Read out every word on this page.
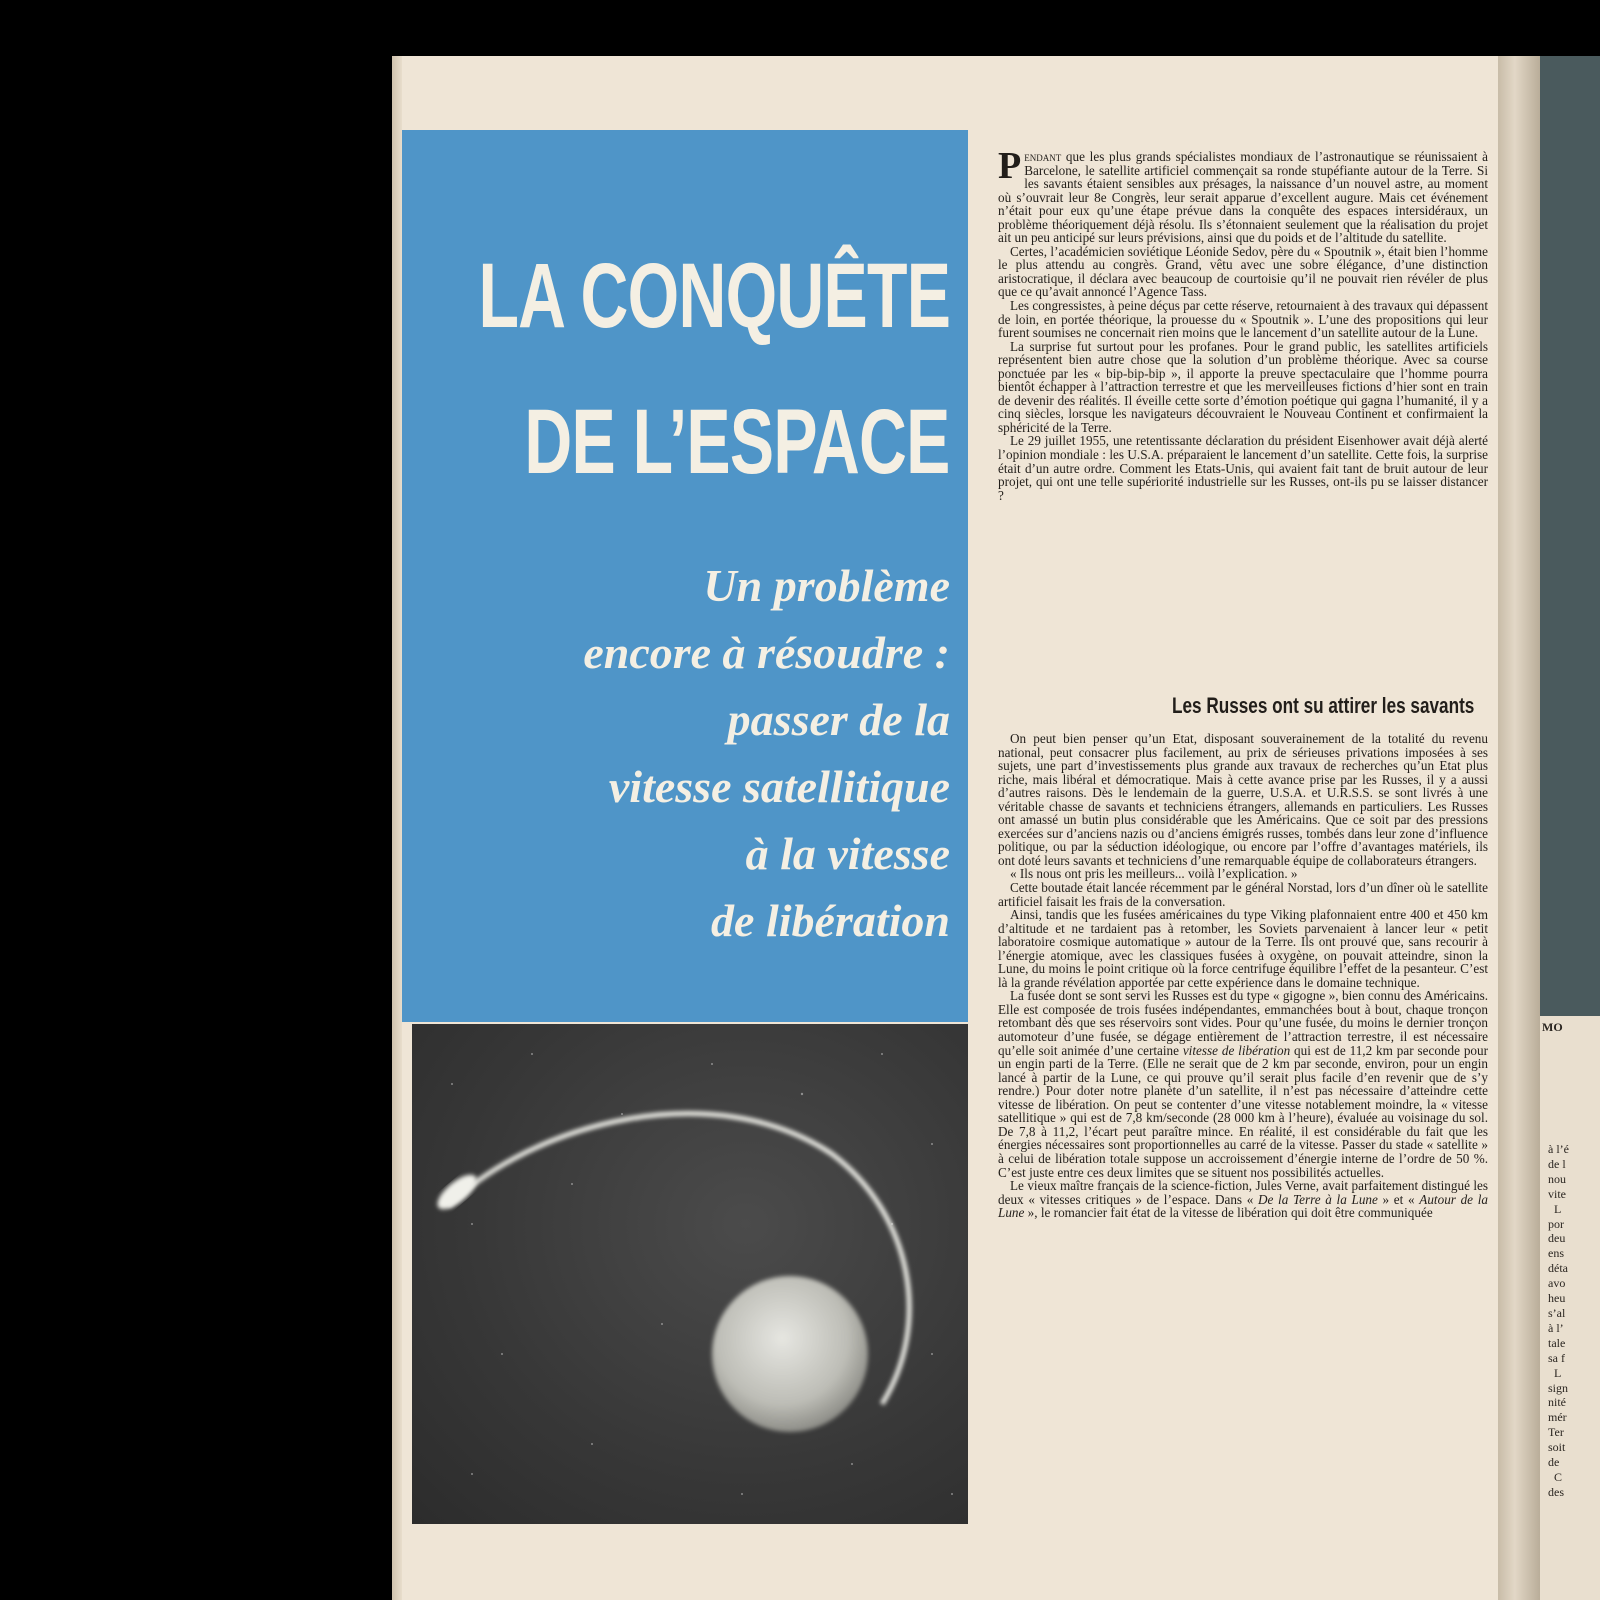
MO
à l’é
de l
nou
vite
L
por
deu
ens
déta
avo
heu
s’al
à l’
tale
sa f
L
sign
nité
mér
Ter
soit
de
C
des
LA CONQUÊTE
DE L’ESPACE
Un problème
encore à résoudre :
passer de la
vitesse satellitique
à la vitesse
de libération

Pendant que les plus grands spécialistes mondiaux de l’astronautique se réunissaient à Barcelone, le satellite artificiel commençait sa ronde stupéfiante autour de la Terre. Si les savants étaient sensibles aux présages, la naissance d’un nouvel astre, au moment où s’ouvrait leur 8e Congrès, leur serait apparue d’excellent augure. Mais cet événement n’était pour eux qu’une étape prévue dans la conquête des espaces intersidéraux, un problème théoriquement déjà résolu. Ils s’étonnaient seulement que la réalisation du projet ait un peu anticipé sur leurs prévisions, ainsi que du poids et de l’altitude du satellite.

Certes, l’académicien soviétique Léonide Sedov, père du « Spoutnik », était bien l’homme le plus attendu au congrès. Grand, vêtu avec une sobre élégance, d’une distinction aristocratique, il déclara avec beaucoup de courtoisie qu’il ne pouvait rien révéler de plus que ce qu’avait annoncé l’Agence Tass.

Les congressistes, à peine déçus par cette réserve, retournaient à des travaux qui dépassent de loin, en portée théorique, la prouesse du « Spoutnik ». L’une des propositions qui leur furent soumises ne concernait rien moins que le lancement d’un satellite autour de la Lune.

La surprise fut surtout pour les profanes. Pour le grand public, les satellites artificiels représentent bien autre chose que la solution d’un problème théorique. Avec sa course ponctuée par les « bip-bip-bip », il apporte la preuve spectaculaire que l’homme pourra bientôt échapper à l’attraction terrestre et que les merveilleuses fictions d’hier sont en train de devenir des réalités. Il éveille cette sorte d’émotion poétique qui gagna l’humanité, il y a cinq siècles, lorsque les navigateurs découvraient le Nouveau Continent et confirmaient la sphéricité de la Terre.

Le 29 juillet 1955, une retentissante déclaration du président Eisenhower avait déjà alerté l’opinion mondiale : les U.S.A. préparaient le lancement d’un satellite. Cette fois, la surprise était d’un autre ordre. Comment les Etats-Unis, qui avaient fait tant de bruit autour de leur projet, qui ont une telle supériorité industrielle sur les Russes, ont-ils pu se laisser distancer ?

Les Russes ont su attirer les savants

On peut bien penser qu’un Etat, disposant souverainement de la totalité du revenu national, peut consacrer plus facilement, au prix de sérieuses privations imposées à ses sujets, une part d’investissements plus grande aux travaux de recherches qu’un Etat plus riche, mais libéral et démocratique. Mais à cette avance prise par les Russes, il y a aussi d’autres raisons. Dès le lendemain de la guerre, U.S.A. et U.R.S.S. se sont livrés à une véritable chasse de savants et techniciens étrangers, allemands en particuliers. Les Russes ont amassé un butin plus considérable que les Américains. Que ce soit par des pressions exercées sur d’anciens nazis ou d’anciens émigrés russes, tombés dans leur zone d’influence politique, ou par la séduction idéologique, ou encore par l’offre d’avantages matériels, ils ont doté leurs savants et techniciens d’une remarquable équipe de collaborateurs étrangers.

« Ils nous ont pris les meilleurs... voilà l’explication. »

Cette boutade était lancée récemment par le général Norstad, lors d’un dîner où le satellite artificiel faisait les frais de la conversation.

Ainsi, tandis que les fusées américaines du type Viking plafonnaient entre 400 et 450 km d’altitude et ne tardaient pas à retomber, les Soviets parvenaient à lancer leur « petit laboratoire cosmique automatique » autour de la Terre. Ils ont prouvé que, sans recourir à l’énergie atomique, avec les classiques fusées à oxygène, on pouvait atteindre, sinon la Lune, du moins le point critique où la force centrifuge équilibre l’effet de la pesanteur. C’est là la grande révélation apportée par cette expérience dans le domaine technique.

La fusée dont se sont servi les Russes est du type « gigogne », bien connu des Américains. Elle est composée de trois fusées indépendantes, emmanchées bout à bout, chaque tronçon retombant dès que ses réservoirs sont vides. Pour qu’une fusée, du moins le dernier tronçon automoteur d’une fusée, se dégage entièrement de l’attraction terrestre, il est nécessaire qu’elle soit animée d’une certaine vitesse de libération qui est de 11,2 km par seconde pour un engin parti de la Terre. (Elle ne serait que de 2 km par seconde, environ, pour un engin lancé à partir de la Lune, ce qui prouve qu’il serait plus facile d’en revenir que de s’y rendre.) Pour doter notre planète d’un satellite, il n’est pas nécessaire d’atteindre cette vitesse de libération. On peut se contenter d’une vitesse notablement moindre, la « vitesse satellitique » qui est de 7,8 km/seconde (28 000 km à l’heure), évaluée au voisinage du sol. De 7,8 à 11,2, l’écart peut paraître mince. En réalité, il est considérable du fait que les énergies nécessaires sont proportionnelles au carré de la vitesse. Passer du stade « satellite » à celui de libération totale suppose un accroissement d’énergie interne de l’ordre de 50 %. C’est juste entre ces deux limites que se situent nos possibilités actuelles.

Le vieux maître français de la science-fiction, Jules Verne, avait parfaitement distingué les deux « vitesses critiques » de l’espace. Dans « De la Terre à la Lune » et « Autour de la Lune », le romancier fait état de la vitesse de libération qui doit être communiquée
